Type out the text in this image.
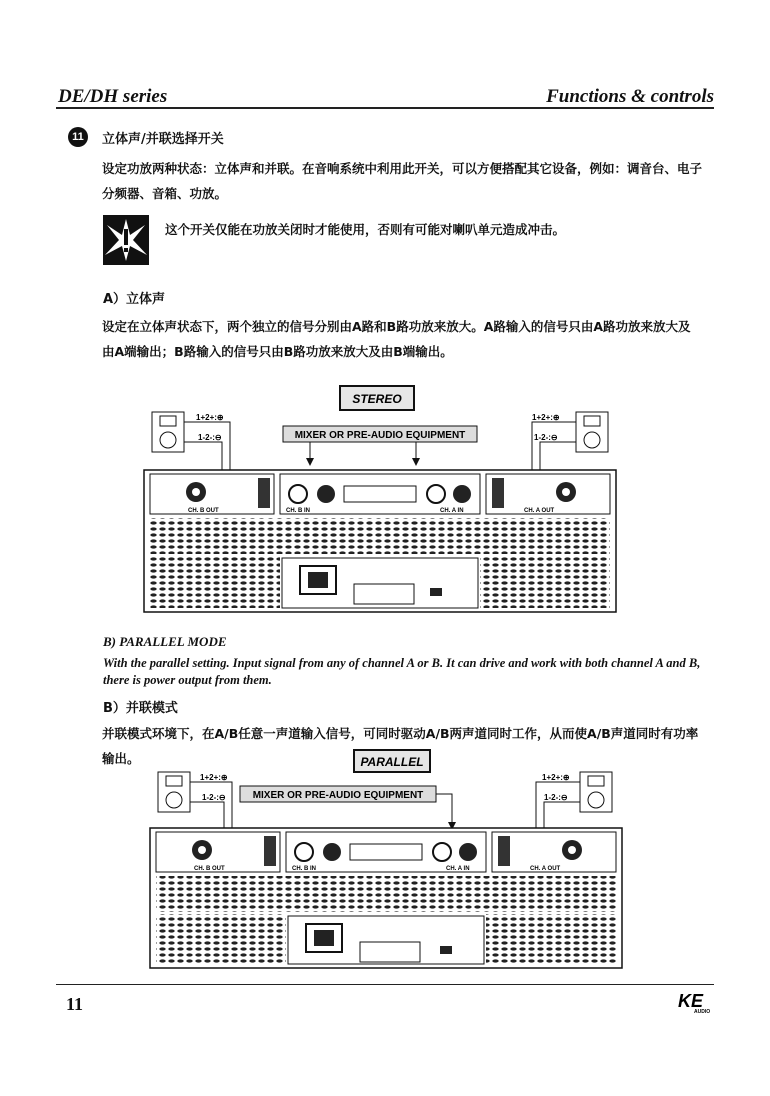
DE/DH series	Functions & controls
11	立体声/并联选择开关
设定功放两种状态：立体声和并联。在音响系统中利用此开关，可以方便搭配其它设备，例如：调音台、电子分频器、音箱、功放。
这个开关仅能在功放关闭时才能使用，否则有可能对喇叭单元造成冲击。
A）立体声
设定在立体声状态下，两个独立的信号分别由A路和B路功放来放大。A路输入的信号只由A路功放来放大及由A端输出；B路输入的信号只由B路功放来放大及由B端输出。
STEREO
MIXER OR PRE-AUDIO EQUIPMENT
1+2+:⊕
1-2-:⊖
1+2+:⊕
1-2-:⊖
CH. B OUT	CH. A OUT
CH. B IN	CH. A IN
B) PARALLEL MODE
With the parallel setting. Input signal from any of channel A or B. It can drive and work with both channel A and B, there is power output from them.
B）并联模式
并联模式环境下，在A/B任意一声道输入信号，可同时驱动A/B两声道同时工作，从而使A/B声道同时有功率输出。	PARALLEL
MIXER OR PRE-AUDIO EQUIPMENT
1+2+:⊕
1-2-:⊖
1+2+:⊕
1-2-:⊖
CH. B OUT	CH. A OUT
CH. B IN	CH. A IN
11	KE
AUDIO
